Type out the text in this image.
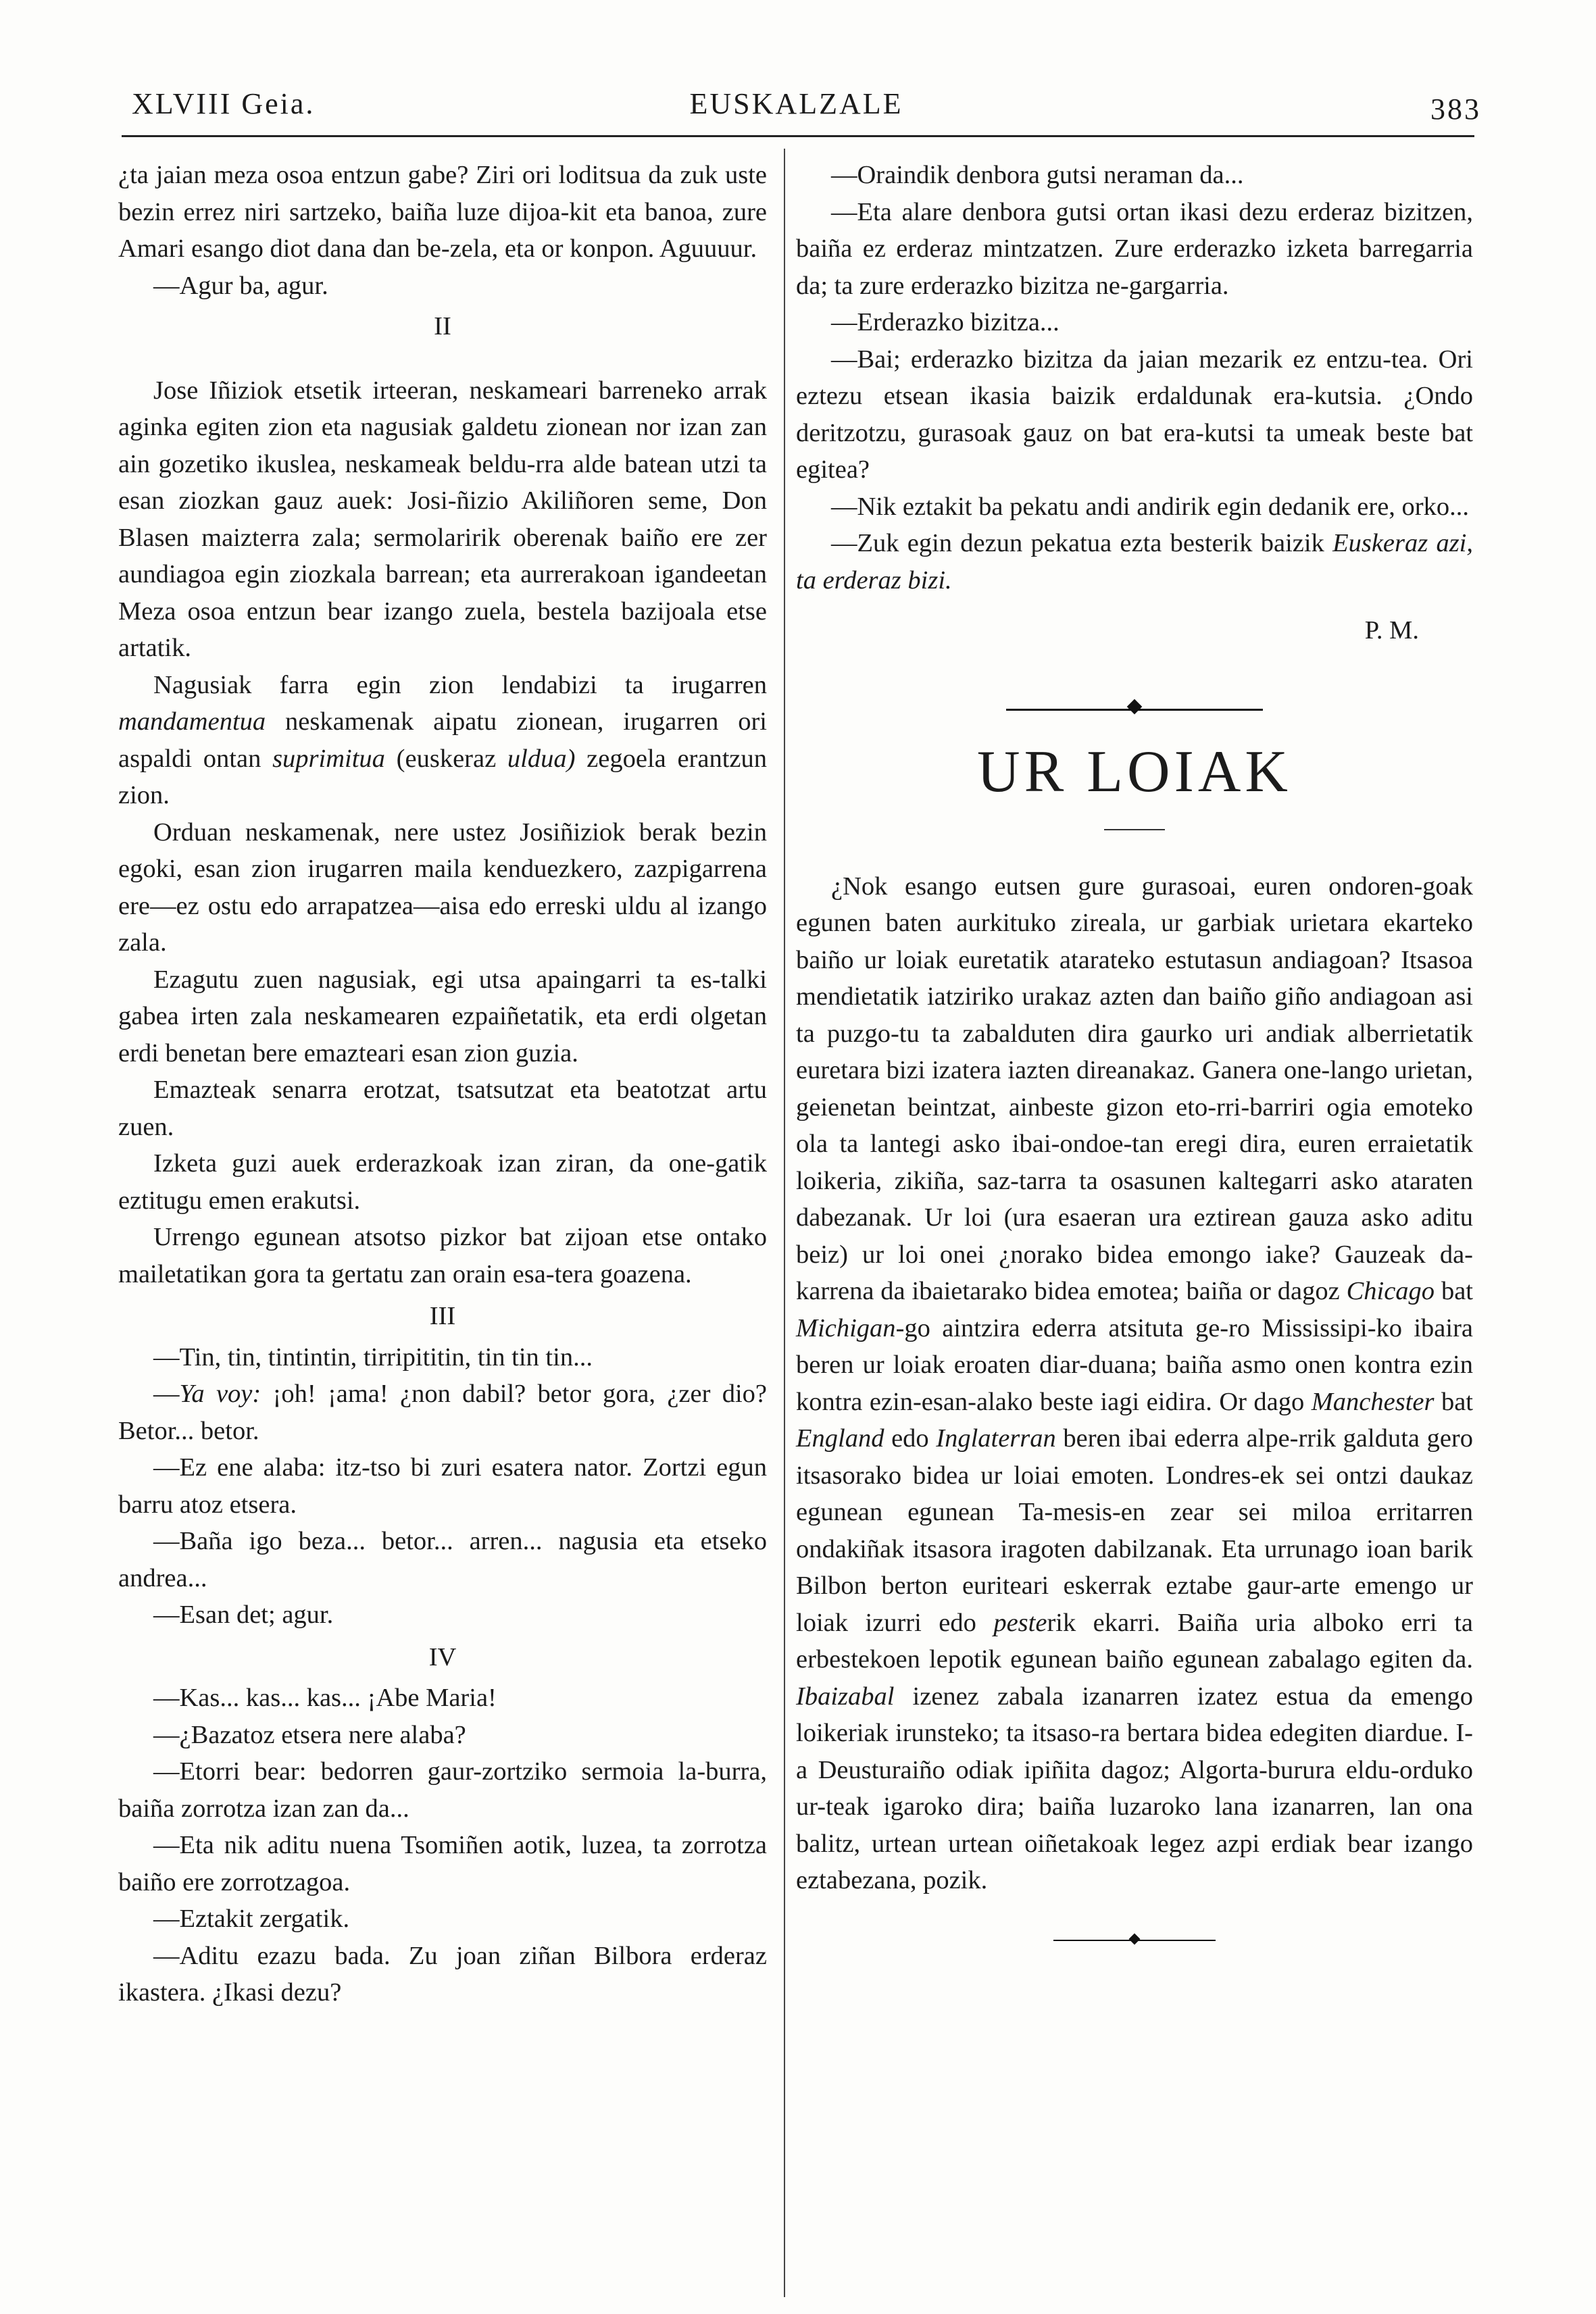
XLVIII Geia.	EUSKALZALE	383

¿ta jaian meza osoa entzun gabe? Ziri ori loditsua da zuk uste bezin errez niri sartzeko, baiña luze dijoa-kit eta banoa, zure Amari esango diot dana dan be-zela, eta or konpon. Aguuuur.

—Agur ba, agur.

II

Jose Iñiziok etsetik irteeran, neskameari barreneko arrak aginka egiten zion eta nagusiak galdetu zionean nor izan zan ain gozetiko ikuslea, neskameak beldu-rra alde batean utzi ta esan ziozkan gauz auek: Josi-ñizio Akiliñoren seme, Don Blasen maizterra zala; sermolaririk oberenak baiño ere zer aundiagoa egin ziozkala barrean; eta aurrerakoan igandeetan Meza osoa entzun bear izango zuela, bestela bazijoala etse artatik.

Nagusiak farra egin zion lendabizi ta irugarren mandamentua neskamenak aipatu zionean, irugarren ori aspaldi ontan suprimitua (euskeraz uldua) zegoela erantzun zion.

Orduan neskamenak, nere ustez Josiñiziok berak bezin egoki, esan zion irugarren maila kenduezkero, zazpigarrena ere—ez ostu edo arrapatzea—aisa edo erreski uldu al izango zala.

Ezagutu zuen nagusiak, egi utsa apaingarri ta es-talki gabea irten zala neskamearen ezpaiñetatik, eta erdi olgetan erdi benetan bere emazteari esan zion guzia.

Emazteak senarra erotzat, tsatsutzat eta beatotzat artu zuen.

Izketa guzi auek erderazkoak izan ziran, da one-gatik eztitugu emen erakutsi.

Urrengo egunean atsotso pizkor bat zijoan etse ontako mailetatikan gora ta gertatu zan orain esa-tera goazena.

III

—Tin, tin, tintintin, tirripititin, tin tin tin...

—Ya voy: ¡oh! ¡ama! ¿non dabil? betor gora, ¿zer dio? Betor... betor.

—Ez ene alaba: itz-tso bi zuri esatera nator. Zortzi egun barru atoz etsera.

—Baña igo beza... betor... arren... nagusia eta etseko andrea...

—Esan det; agur.

IV

—Kas... kas... kas... ¡Abe Maria!

—¿Bazatoz etsera nere alaba?

—Etorri bear: bedorren gaur-zortziko sermoia la-burra, baiña zorrotza izan zan da...

—Eta nik aditu nuena Tsomiñen aotik, luzea, ta zorrotza baiño ere zorrotzagoa.

—Eztakit zergatik.

—Aditu ezazu bada. Zu joan ziñan Bilbora erderaz ikastera. ¿Ikasi dezu?

—Oraindik denbora gutsi neraman da...

—Eta alare denbora gutsi ortan ikasi dezu erderaz bizitzen, baiña ez erderaz mintzatzen. Zure erderazko izketa barregarria da; ta zure erderazko bizitza ne-gargarria.

—Erderazko bizitza...

—Bai; erderazko bizitza da jaian mezarik ez entzu-tea. Ori eztezu etsean ikasia baizik erdaldunak era-kutsia. ¿Ondo deritzotzu, gurasoak gauz on bat era-kutsi ta umeak beste bat egitea?

—Nik eztakit ba pekatu andi andirik egin dedanik ere, orko...

—Zuk egin dezun pekatua ezta besterik baizik Euskeraz azi, ta erderaz bizi.

P. M.
UR LOIAK

¿Nok esango eutsen gure gurasoai, euren ondoren-goak egunen baten aurkituko zireala, ur garbiak urietara ekarteko baiño ur loiak euretatik atarateko estutasun andiagoan? Itsasoa mendietatik iatziriko urakaz azten dan baiño giño andiagoan asi ta puzgo-tu ta zabalduten dira gaurko uri andiak alberrietatik euretara bizi izatera iazten direanakaz. Ganera one-lango urietan, geienetan beintzat, ainbeste gizon eto-rri-barriri ogia emoteko ola ta lantegi asko ibai-ondoe-tan eregi dira, euren erraietatik loikeria, zikiña, saz-tarra ta osasunen kaltegarri asko ataraten dabezanak. Ur loi (ura esaeran ura eztirean gauza asko aditu beiz) ur loi onei ¿norako bidea emongo iake? Gauzeak da-karrena da ibaietarako bidea emotea; baiña or dagoz Chicago bat Michigan-go aintzira ederra atsituta ge-ro Mississipi-ko ibaira beren ur loiak eroaten diar-duana; baiña asmo onen kontra ezin kontra ezin-esan-alako beste iagi eidira. Or dago Manchester bat England edo Inglaterran beren ibai ederra alpe-rrik galduta gero itsasorako bidea ur loiai emoten. Londres-ek sei ontzi daukaz egunean egunean Ta-mesis-en zear sei miloa erritarren ondakiñak itsasora iragoten dabilzanak. Eta urrunago ioan barik Bilbon berton euriteari eskerrak eztabe gaur-arte emengo ur loiak izurri edo pesterik ekarri. Baiña uria alboko erri ta erbestekoen lepotik egunean baiño egunean zabalago egiten da. Ibaizabal izenez zabala izanarren izatez estua da emengo loikeriak irunsteko; ta itsaso-ra bertara bidea edegiten diardue. I-a Deusturaiño odiak ipiñita dagoz; Algorta-burura eldu-orduko ur-teak igaroko dira; baiña luzaroko lana izanarren, lan ona balitz, urtean urtean oiñetakoak legez azpi erdiak bear izango eztabezana, pozik.
